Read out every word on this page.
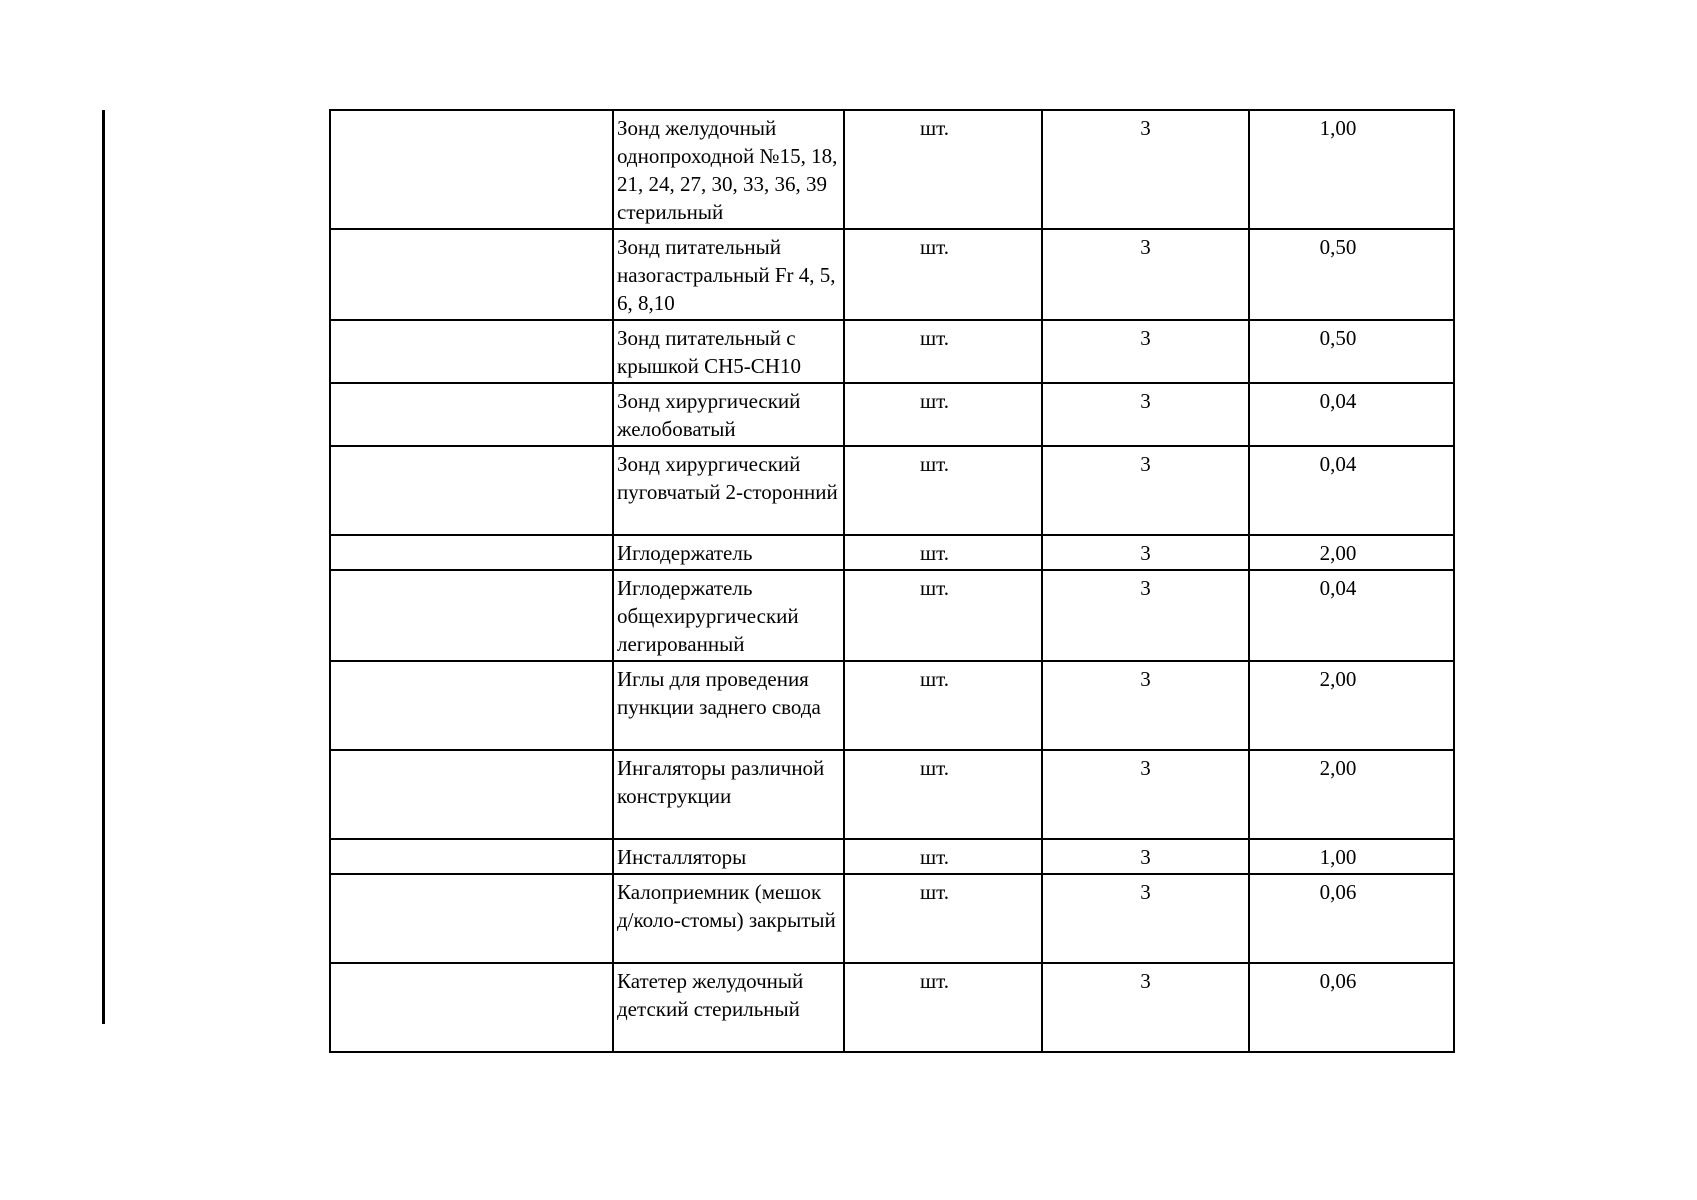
	Зонд желудочный однопроходной №15, 18, 21, 24, 27, 30, 33, 36, 39 стерильный	шт.	3	1,00
	Зонд питательный назогастральный Fr 4, 5, 6, 8,10	шт.	3	0,50
	Зонд питательный с крышкой CH5-CH10	шт.	3	0,50
	Зонд хирургический желобоватый	шт.	3	0,04
	Зонд хирургический пуговчатый 2-сторонний	шт.	3	0,04
	Иглодержатель	шт.	3	2,00
	Иглодержатель общехирургический легированный	шт.	3	0,04
	Иглы для проведения пункции заднего свода	шт.	3	2,00
	Ингаляторы различной конструкции	шт.	3	2,00
	Инсталляторы	шт.	3	1,00
	Калоприемник (мешок д/коло-стомы) закрытый	шт.	3	0,06
	Катетер желудочный детский стерильный	шт.	3	0,06
